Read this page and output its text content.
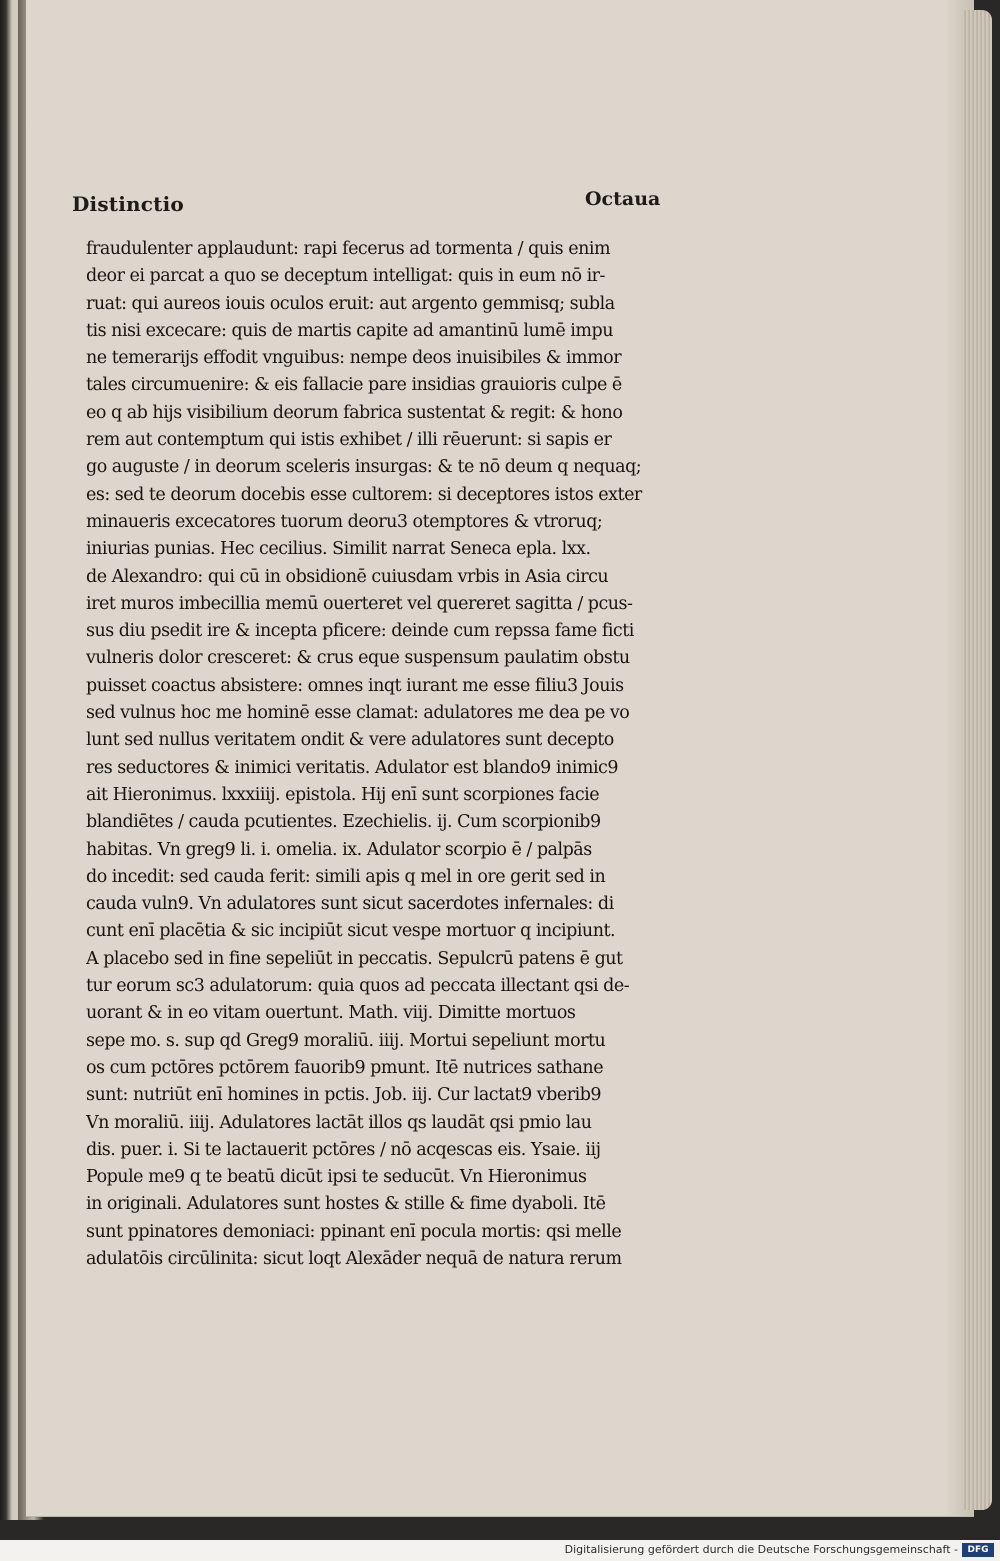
Distinctio	Octaua
fraudulenter applaudunt: rapi fecerus ad tormenta / quis enim
deor ei parcat a quo se deceptum intelligat: quis in eum nō ir-
ruat: qui aureos iouis oculos eruit: aut argento gemmisq; subla
tis nisi excecare: quis de martis capite ad amantinū lumē impu
ne temerarijs effodit vnguibus: nempe deos inuisibiles & immor
tales circumuenire: & eis fallacie pare insidias grauioris culpe ē
eo q ab hijs visibilium deorum fabrica sustentat & regit: & hono
rem aut contemptum qui istis exhibet / illi rēuerunt: si sapis er
go auguste / in deorum sceleris insurgas: & te nō deum q nequaq;
es: sed te deorum docebis esse cultorem: si deceptores istos exter
minaueris excecatores tuorum deoru3 otemptores & vtroruq;
iniurias punias. Hec cecilius. Similit narrat Seneca epla. lxx.
de Alexandro: qui cū in obsidionē cuiusdam vrbis in Asia circu
iret muros imbecillia memū ouerteret vel quereret sagitta / pcus-
sus diu psedit ire & incepta pficere: deinde cum repssa fame ficti
vulneris dolor cresceret: & crus eque suspensum paulatim obstu
puisset coactus absistere: omnes inqt iurant me esse filiu3 Jouis
sed vulnus hoc me hominē esse clamat: adulatores me dea pe vo
lunt sed nullus veritatem ondit & vere adulatores sunt decepto
res seductores & inimici veritatis. Adulator est blando9 inimic9
ait Hieronimus. lxxxiiij. epistola. Hij enī sunt scorpiones facie
blandiētes / cauda pcutientes. Ezechielis. ij. Cum scorpionib9
habitas. Vn greg9 li. i. omelia. ix. Adulator scorpio ē / palpās
do incedit: sed cauda ferit: simili apis q mel in ore gerit sed in
cauda vuln9. Vn adulatores sunt sicut sacerdotes infernales: di
cunt enī placētia & sic incipiūt sicut vespe mortuor q incipiunt.
A placebo sed in fine sepeliūt in peccatis. Sepulcrū patens ē gut
tur eorum sc3 adulatorum: quia quos ad peccata illectant qsi de-
uorant & in eo vitam ouertunt. Math. viij. Dimitte mortuos
sepe mo. s. sup qd Greg9 moraliū. iiij. Mortui sepeliunt mortu
os cum pctōres pctōrem fauorib9 pmunt. Itē nutrices sathane
sunt: nutriūt enī homines in pctis. Job. iij. Cur lactat9 vberib9
Vn moraliū. iiij. Adulatores lactāt illos qs laudāt qsi pmio lau
dis. puer. i. Si te lactauerit pctōres / nō acqescas eis. Ysaie. iij
Popule me9 q te beatū dicūt ipsi te seducūt. Vn Hieronimus
in originali. Adulatores sunt hostes & stille & fime dyaboli. Itē
sunt ppinatores demoniaci: ppinant enī pocula mortis: qsi melle
adulatōis circūlinita: sicut loqt Alexāder nequā de natura rerum
Digitalisierung gefördert durch die Deutsche Forschungsgemeinschaft -	DFG
